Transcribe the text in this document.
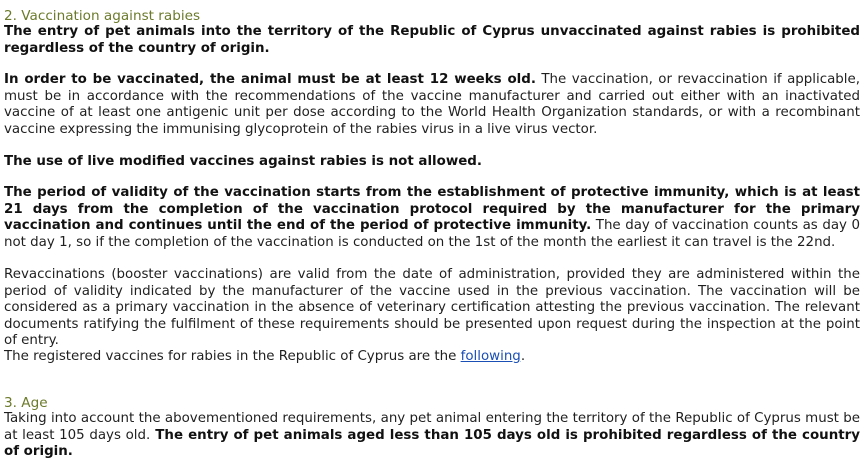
2. Vaccination against rabies

The entry of pet animals into the territory of the Republic of Cyprus unvaccinated against rabies is prohibited regardless of the country of origin.

In order to be vaccinated, the animal must be at least 12 weeks old. The vaccination, or revaccination if applicable, must be in accordance with the recommendations of the vaccine manufacturer and carried out either with an inactivated vaccine of at least one antigenic unit per dose according to the World Health Organization standards, or with a recombinant vaccine expressing the immunising glycoprotein of the rabies virus in a live virus vector.

The use of live modified vaccines against rabies is not allowed.

The period of validity of the vaccination starts from the establishment of protective immunity, which is at least 21 days from the completion of the vaccination protocol required by the manufacturer for the primary vaccination and continues until the end of the period of protective immunity. The day of vaccination counts as day 0 not day 1, so if the completion of the vaccination is conducted on the 1st of the month the earliest it can travel is the 22nd.

Revaccinations (booster vaccinations) are valid from the date of administration, provided they are administered within the period of validity indicated by the manufacturer of the vaccine used in the previous vaccination. The vaccination will be considered as a primary vaccination in the absence of veterinary certification attesting the previous vaccination. The relevant documents ratifying the fulfilment of these requirements should be presented upon request during the inspection at the point of entry.

The registered vaccines for rabies in the Republic of Cyprus are the following.

3. Age

Taking into account the abovementioned requirements, any pet animal entering the territory of the Republic of Cyprus must be at least 105 days old. The entry of pet animals aged less than 105 days old is prohibited regardless of the country of origin.
